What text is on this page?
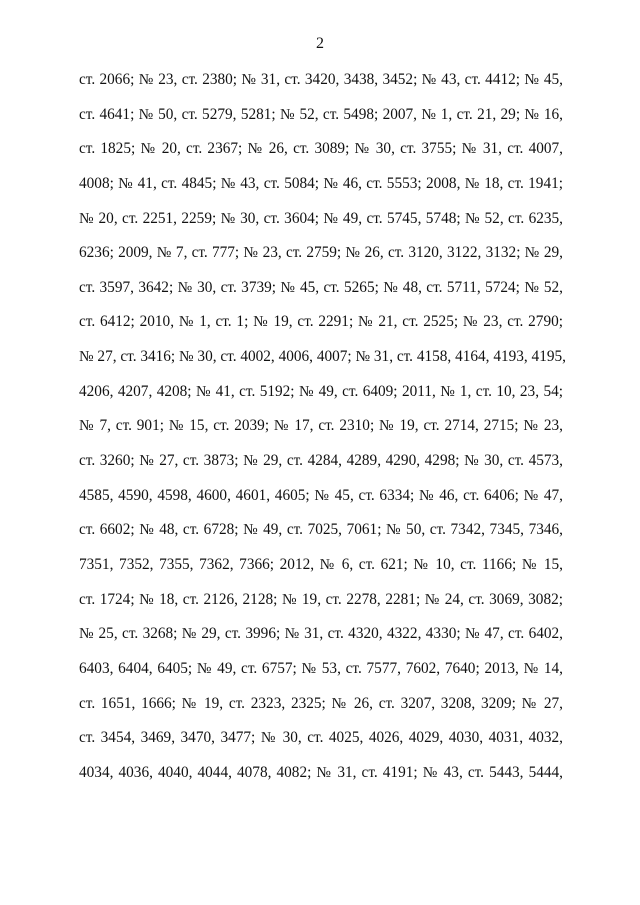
2
ст. 2066; № 23, ст. 2380; № 31, ст. 3420, 3438, 3452; № 43, ст. 4412; № 45,
ст. 4641; № 50, ст. 5279, 5281; № 52, ст. 5498; 2007, № 1, ст. 21, 29; № 16,
ст. 1825; № 20, ст. 2367; № 26, ст. 3089; № 30, ст. 3755; № 31, ст. 4007,
4008; № 41, ст. 4845; № 43, ст. 5084; № 46, ст. 5553; 2008, № 18, ст. 1941;
№ 20, ст. 2251, 2259; № 30, ст. 3604; № 49, ст. 5745, 5748; № 52, ст. 6235,
6236; 2009, № 7, ст. 777; № 23, ст. 2759; № 26, ст. 3120, 3122, 3132; № 29,
ст. 3597, 3642; № 30, ст. 3739; № 45, ст. 5265; № 48, ст. 5711, 5724; № 52,
ст. 6412; 2010, № 1, ст. 1; № 19, ст. 2291; № 21, ст. 2525; № 23, ст. 2790;
№ 27, ст. 3416; № 30, ст. 4002, 4006, 4007; № 31, ст. 4158, 4164, 4193, 4195,
4206, 4207, 4208; № 41, ст. 5192; № 49, ст. 6409; 2011, № 1, ст. 10, 23, 54;
№ 7, ст. 901; № 15, ст. 2039; № 17, ст. 2310; № 19, ст. 2714, 2715; № 23,
ст. 3260; № 27, ст. 3873; № 29, ст. 4284, 4289, 4290, 4298; № 30, ст. 4573,
4585, 4590, 4598, 4600, 4601, 4605; № 45, ст. 6334; № 46, ст. 6406; № 47,
ст. 6602; № 48, ст. 6728; № 49, ст. 7025, 7061; № 50, ст. 7342, 7345, 7346,
7351, 7352, 7355, 7362, 7366; 2012, № 6, ст. 621; № 10, ст. 1166; № 15,
ст. 1724; № 18, ст. 2126, 2128; № 19, ст. 2278, 2281; № 24, ст. 3069, 3082;
№ 25, ст. 3268; № 29, ст. 3996; № 31, ст. 4320, 4322, 4330; № 47, ст. 6402,
6403, 6404, 6405; № 49, ст. 6757; № 53, ст. 7577, 7602, 7640; 2013, № 14,
ст. 1651, 1666; № 19, ст. 2323, 2325; № 26, ст. 3207, 3208, 3209; № 27,
ст. 3454, 3469, 3470, 3477; № 30, ст. 4025, 4026, 4029, 4030, 4031, 4032,
4034, 4036, 4040, 4044, 4078, 4082; № 31, ст. 4191; № 43, ст. 5443, 5444,
